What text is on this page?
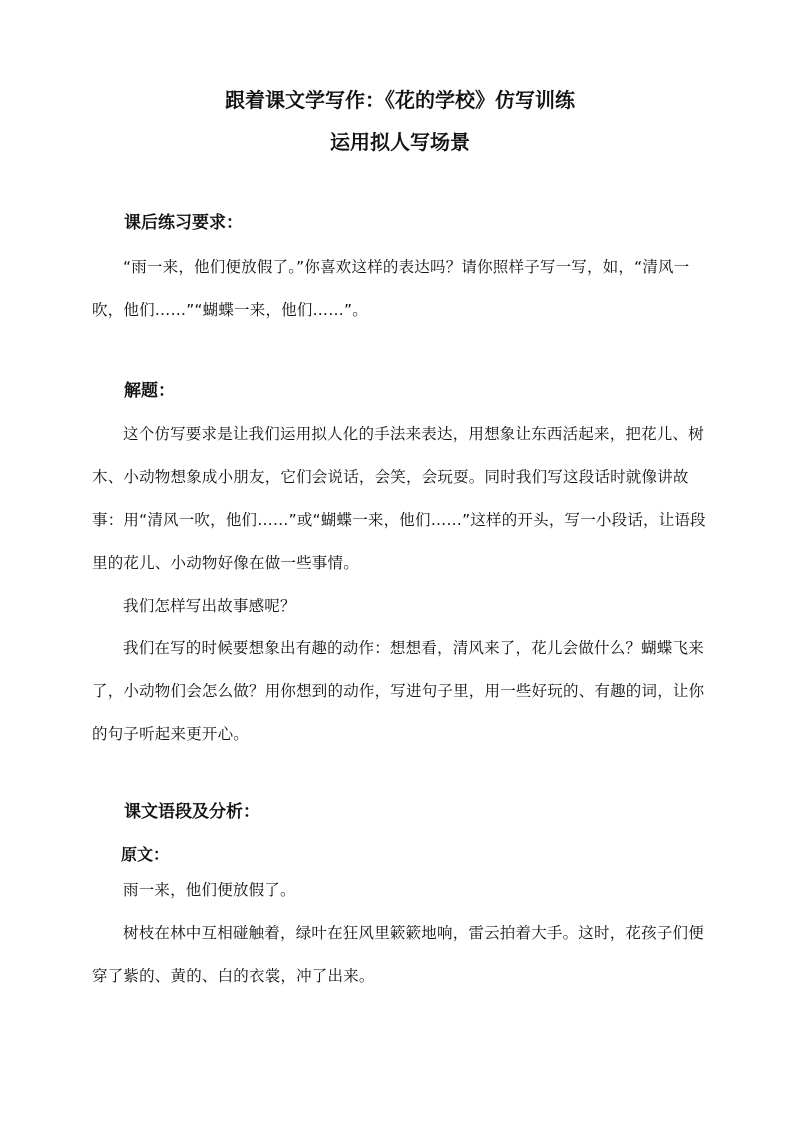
跟着课文学写作：《花的学校》仿写训练
运用拟人写场景
课后练习要求：

“雨一来，他们便放假了。”你喜欢这样的表达吗？请你照样子写一写，如，“清风一吹，他们……”“蝴蝶一来，他们……”。

解题：

这个仿写要求是让我们运用拟人化的手法来表达，用想象让东西活起来，把花儿、树木、小动物想象成小朋友，它们会说话，会笑，会玩耍。同时我们写这段话时就像讲故事：用“清风一吹，他们……”或“蝴蝶一来，他们……”这样的开头，写一小段话，让语段里的花儿、小动物好像在做一些事情。

我们怎样写出故事感呢？

我们在写的时候要想象出有趣的动作：想想看，清风来了，花儿会做什么？蝴蝶飞来了，小动物们会怎么做？用你想到的动作，写进句子里，用一些好玩的、有趣的词，让你的句子听起来更开心。

课文语段及分析：
原文：

雨一来，他们便放假了。

树枝在林中互相碰触着，绿叶在狂风里簌簌地响，雷云拍着大手。这时，花孩子们便穿了紫的、黄的、白的衣裳，冲了出来。
